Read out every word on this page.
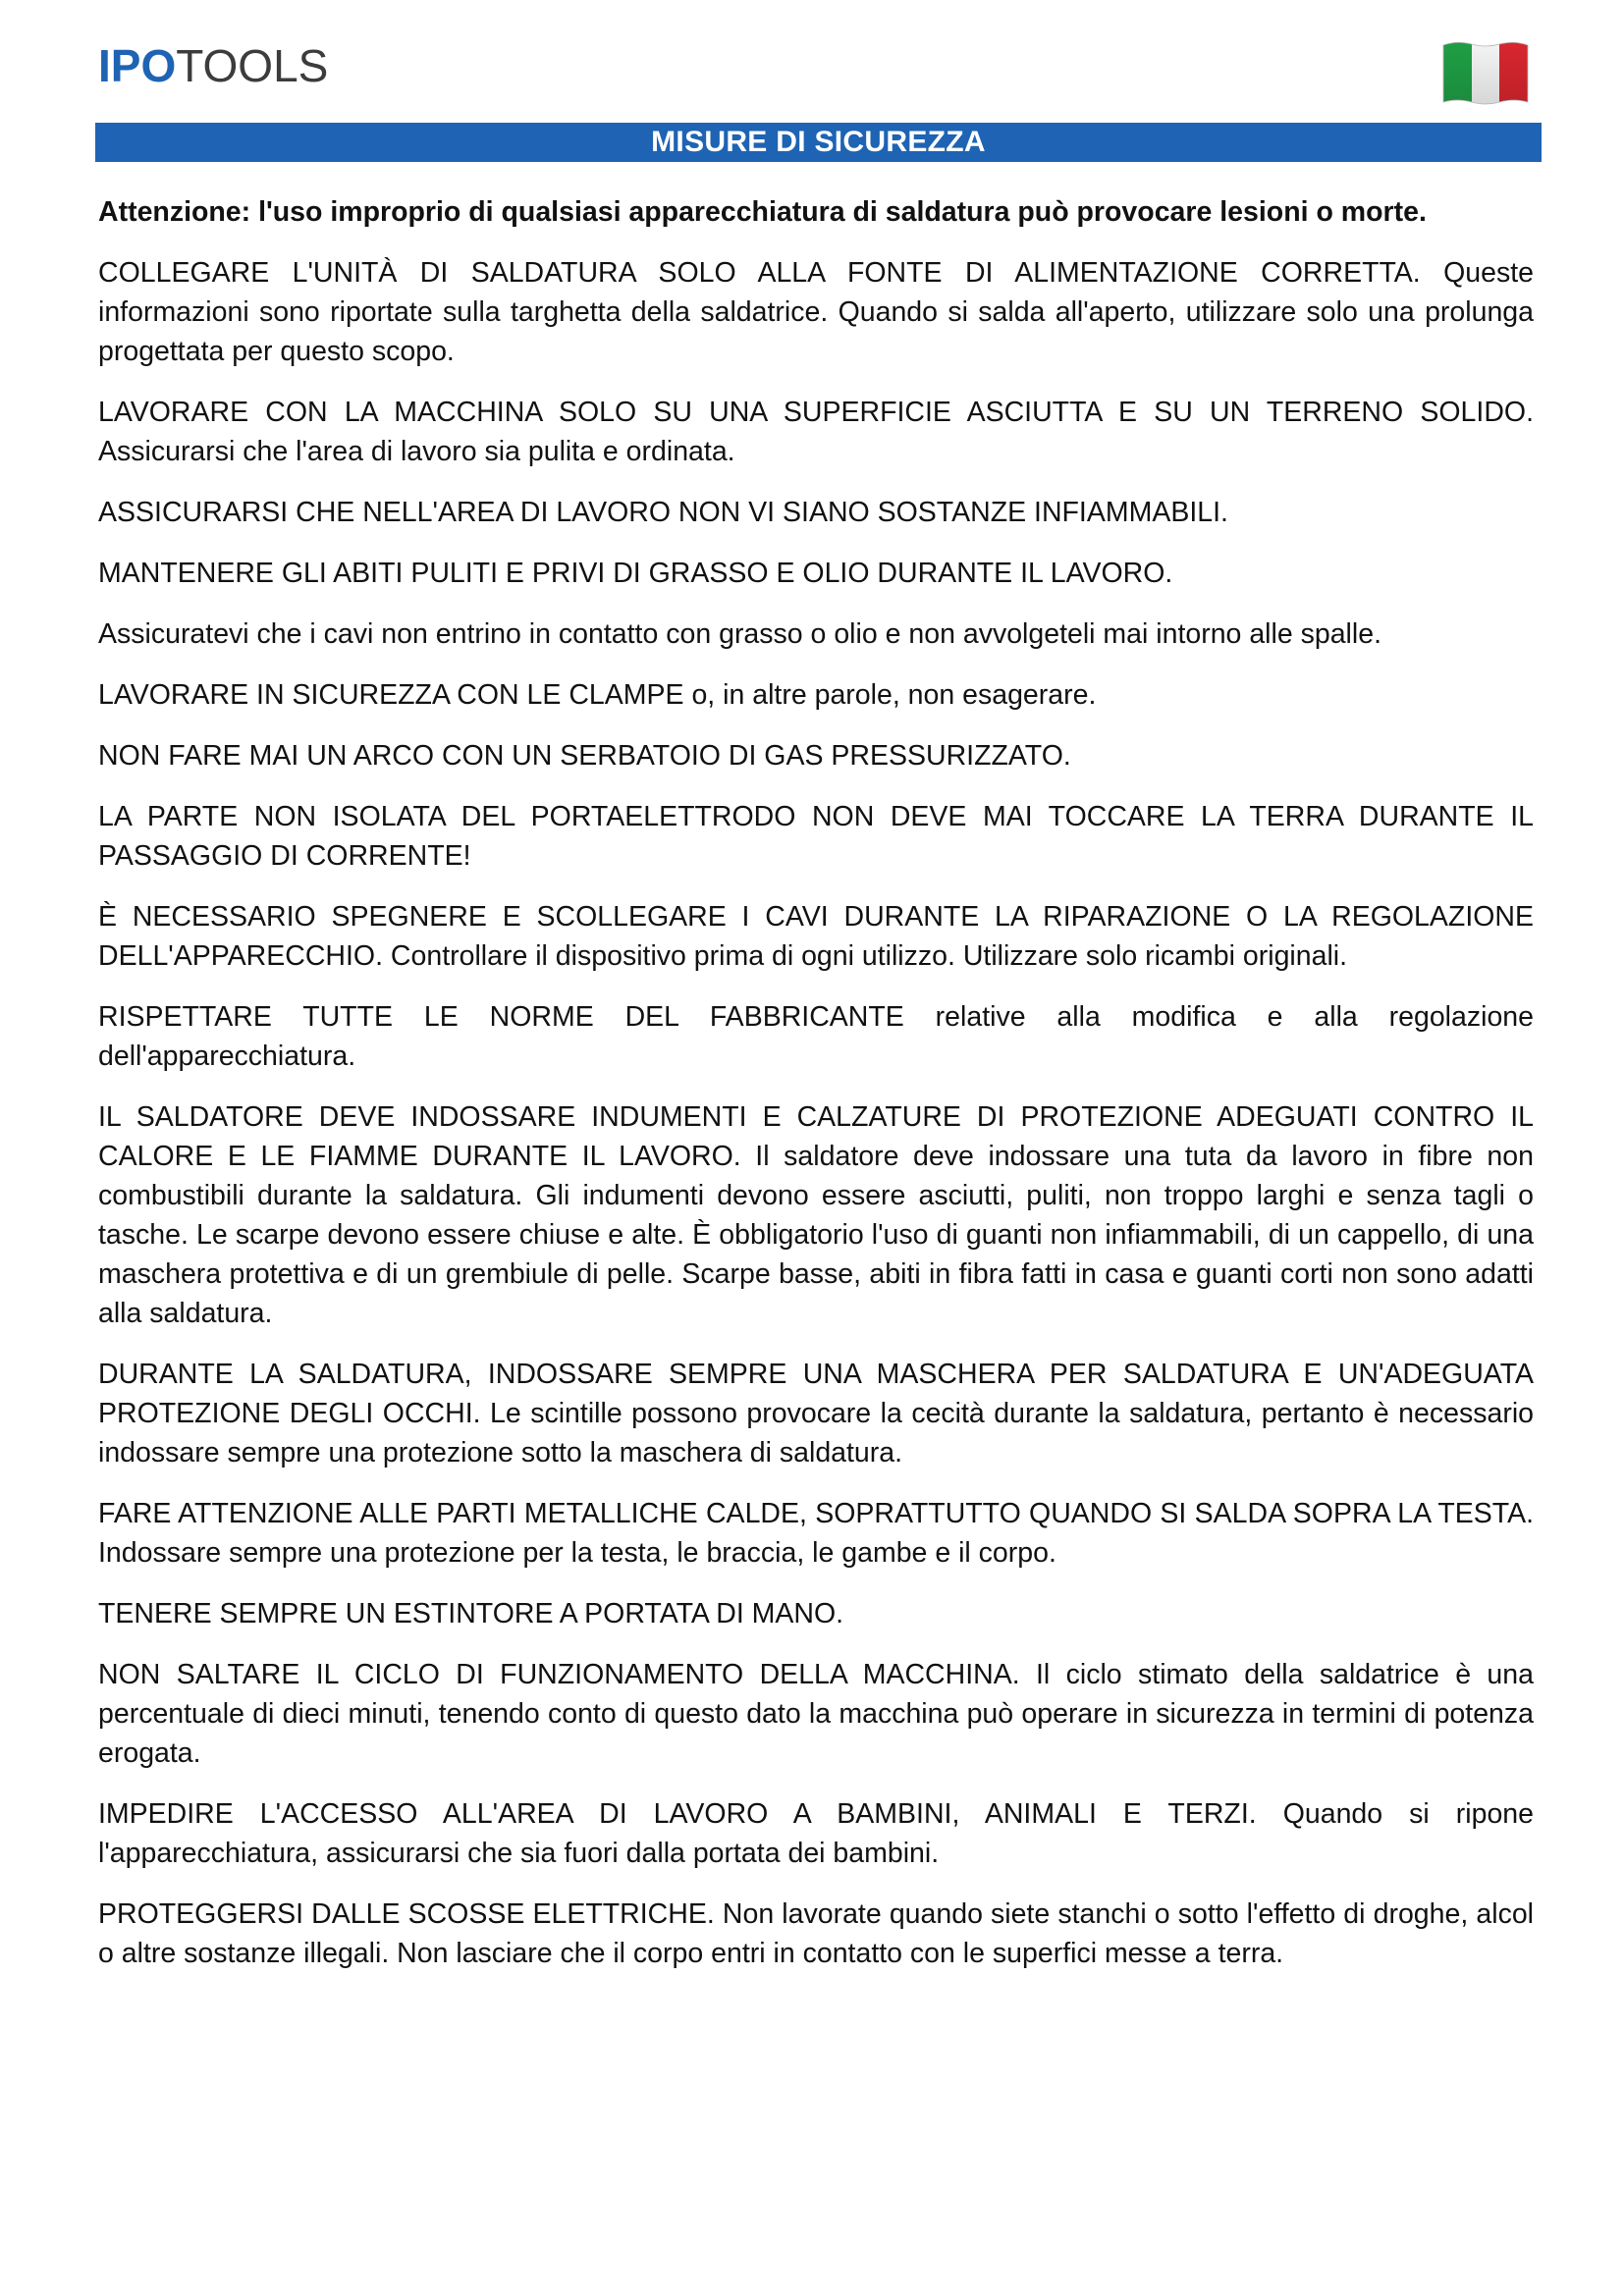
IPOTOOLS
MISURE DI SICUREZZA

Attenzione: l'uso improprio di qualsiasi apparecchiatura di saldatura può provocare lesioni o morte.

COLLEGARE L'UNITÀ DI SALDATURA SOLO ALLA FONTE DI ALIMENTAZIONE CORRETTA. Queste informazioni sono riportate sulla targhetta della saldatrice. Quando si salda all'aperto, utilizzare solo una prolunga progettata per questo scopo.

LAVORARE CON LA MACCHINA SOLO SU UNA SUPERFICIE ASCIUTTA E SU UN TERRENO SOLIDO. Assicurarsi che l'area di lavoro sia pulita e ordinata.

ASSICURARSI CHE NELL'AREA DI LAVORO NON VI SIANO SOSTANZE INFIAMMABILI.

MANTENERE GLI ABITI PULITI E PRIVI DI GRASSO E OLIO DURANTE IL LAVORO.

Assicuratevi che i cavi non entrino in contatto con grasso o olio e non avvolgeteli mai intorno alle spalle.

LAVORARE IN SICUREZZA CON LE CLAMPE o, in altre parole, non esagerare.

NON FARE MAI UN ARCO CON UN SERBATOIO DI GAS PRESSURIZZATO.

LA PARTE NON ISOLATA DEL PORTAELETTRODO NON DEVE MAI TOCCARE LA TERRA DURANTE IL PASSAGGIO DI CORRENTE!

È NECESSARIO SPEGNERE E SCOLLEGARE I CAVI DURANTE LA RIPARAZIONE O LA REGOLAZIONE DELL'APPARECCHIO. Controllare il dispositivo prima di ogni utilizzo. Utilizzare solo ricambi originali.

RISPETTARE TUTTE LE NORME DEL FABBRICANTE relative alla modifica e alla regolazione dell'apparecchiatura.

IL SALDATORE DEVE INDOSSARE INDUMENTI E CALZATURE DI PROTEZIONE ADEGUATI CONTRO IL CALORE E LE FIAMME DURANTE IL LAVORO. Il saldatore deve indossare una tuta da lavoro in fibre non combustibili durante la saldatura. Gli indumenti devono essere asciutti, puliti, non troppo larghi e senza tagli o tasche. Le scarpe devono essere chiuse e alte. È obbligatorio l'uso di guanti non infiammabili, di un cappello, di una maschera protettiva e di un grembiule di pelle. Scarpe basse, abiti in fibra fatti in casa e guanti corti non sono adatti alla saldatura.

DURANTE LA SALDATURA, INDOSSARE SEMPRE UNA MASCHERA PER SALDATURA E UN'ADEGUATA PROTEZIONE DEGLI OCCHI. Le scintille possono provocare la cecità durante la saldatura, pertanto è necessario indossare sempre una protezione sotto la maschera di saldatura.

FARE ATTENZIONE ALLE PARTI METALLICHE CALDE, SOPRATTUTTO QUANDO SI SALDA SOPRA LA TESTA. Indossare sempre una protezione per la testa, le braccia, le gambe e il corpo.

TENERE SEMPRE UN ESTINTORE A PORTATA DI MANO.

NON SALTARE IL CICLO DI FUNZIONAMENTO DELLA MACCHINA. Il ciclo stimato della saldatrice è una percentuale di dieci minuti, tenendo conto di questo dato la macchina può operare in sicurezza in termini di potenza erogata.

IMPEDIRE L'ACCESSO ALL'AREA DI LAVORO A BAMBINI, ANIMALI E TERZI. Quando si ripone l'apparecchiatura, assicurarsi che sia fuori dalla portata dei bambini.

PROTEGGERSI DALLE SCOSSE ELETTRICHE. Non lavorate quando siete stanchi o sotto l'effetto di droghe, alcol o altre sostanze illegali. Non lasciare che il corpo entri in contatto con le superfici messe a terra.
